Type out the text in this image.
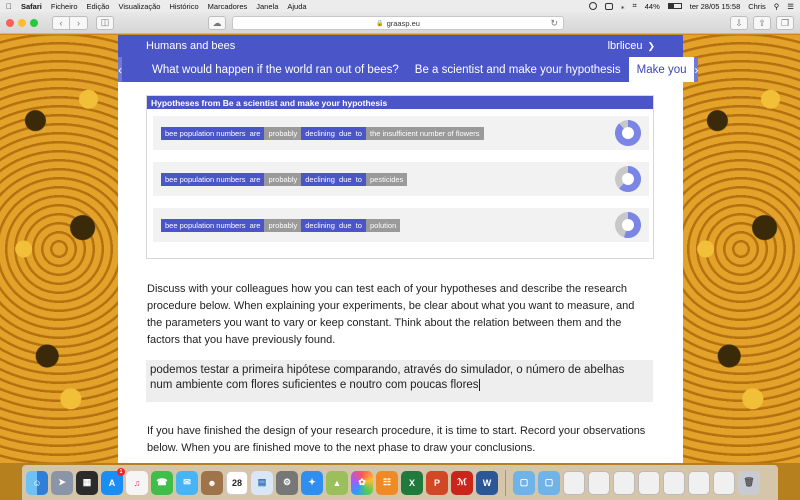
Safari Ficheiro Edição Visualização Histórico Marcadores Janela Ajuda	⁎ ⌗ 44%	ter 28/05 15:58 Chris ⚲ ☰
‹	›	◫	☁	🔒 graasp.eu	↻	⇩	⇧	❐
Humans and bees	lbrliceu ❯
‹	What would happen if the world ran out of bees?	Be a scientist and make your hypothesis	Make you ›
Hypotheses from Be a scientist and make your hypothesis
bee population numbers  are	probably	declining  due  to	the insufficient number of flowers
bee population numbers  are	probably	declining  due  to	pesticides
bee population numbers  are	probably	declining  due  to	polution
Discuss with your colleagues how you can test each of your hypotheses and describe the research
procedure below. When explaining your experiments, be clear about what you want to measure, and
the parameters you want to vary or keep constant. Think about the relation between them and the
factors that you have previously found.
podemos testar a primeira hipótese comparando, através do simulador, o número de abelhas
num ambiente com flores suficientes e noutro com poucas flores
If you have finished the design of your research procedure, it is time to start. Record your observations
below. When you are finished move to the next phase to draw your conclusions.
☺	➤	▦	A
1
♫	☎	✉	☻	28	▤	⚙	✦	▲	✿	☷	X	P	ℳ	W	▢	▢	🗑
